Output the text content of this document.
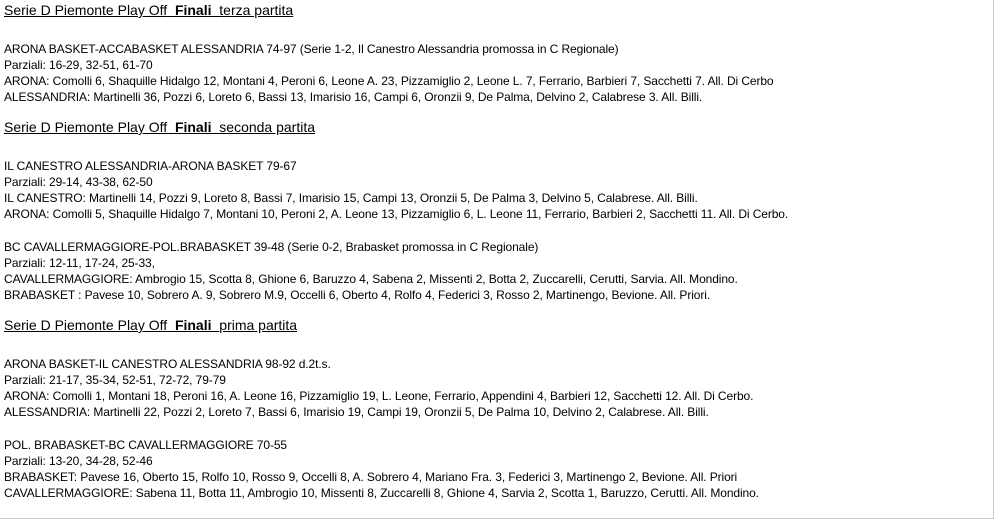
Serie D Piemonte Play Off Finali terza partita
ARONA BASKET-ACCABASKET ALESSANDRIA 74-97 (Serie 1-2, Il Canestro Alessandria promossa in C Regionale)
Parziali: 16-29, 32-51, 61-70
ARONA: Comolli 6, Shaquille Hidalgo 12, Montani 4, Peroni 6, Leone A. 23, Pizzamiglio 2, Leone L. 7, Ferrario, Barbieri 7, Sacchetti 7. All. Di Cerbo
ALESSANDRIA: Martinelli 36, Pozzi 6, Loreto 6, Bassi 13, Imarisio 16, Campi 6, Oronzii 9, De Palma, Delvino 2, Calabrese 3. All. Billi.
Serie D Piemonte Play Off Finali seconda partita
IL CANESTRO ALESSANDRIA-ARONA BASKET 79-67
Parziali: 29-14, 43-38, 62-50
IL CANESTRO: Martinelli 14, Pozzi 9, Loreto 8, Bassi 7, Imarisio 15, Campi 13, Oronzii 5, De Palma 3, Delvino 5, Calabrese. All. Billi.
ARONA: Comolli 5, Shaquille Hidalgo 7, Montani 10, Peroni 2, A. Leone 13, Pizzamiglio 6, L. Leone 11, Ferrario, Barbieri 2, Sacchetti 11. All. Di Cerbo.
BC CAVALLERMAGGIORE-POL.BRABASKET 39-48 (Serie 0-2, Brabasket promossa in C Regionale)
Parziali: 12-11, 17-24, 25-33,
CAVALLERMAGGIORE: Ambrogio 15, Scotta 8, Ghione 6, Baruzzo 4, Sabena 2, Missenti 2, Botta 2, Zuccarelli, Cerutti, Sarvia. All. Mondino.
BRABASKET : Pavese 10, Sobrero A. 9, Sobrero M.9, Occelli 6, Oberto 4, Rolfo 4, Federici 3, Rosso 2, Martinengo, Bevione. All. Priori.
Serie D Piemonte Play Off Finali prima partita
ARONA BASKET-IL CANESTRO ALESSANDRIA 98-92 d.2t.s.
Parziali: 21-17, 35-34, 52-51, 72-72, 79-79
ARONA: Comolli 1, Montani 18, Peroni 16, A. Leone 16, Pizzamiglio 19, L. Leone, Ferrario, Appendini 4, Barbieri 12, Sacchetti 12. All. Di Cerbo.
ALESSANDRIA: Martinelli 22, Pozzi 2, Loreto 7, Bassi 6, Imarisio 19, Campi 19, Oronzii 5, De Palma 10, Delvino 2, Calabrese. All. Billi.
POL. BRABASKET-BC CAVALLERMAGGIORE 70-55
Parziali: 13-20, 34-28, 52-46
BRABASKET: Pavese 16, Oberto 15, Rolfo 10, Rosso 9, Occelli 8, A. Sobrero 4, Mariano Fra. 3, Federici 3, Martinengo 2, Bevione. All. Priori
CAVALLERMAGGIORE: Sabena 11, Botta 11, Ambrogio 10, Missenti 8, Zuccarelli 8, Ghione 4, Sarvia 2, Scotta 1, Baruzzo, Cerutti. All. Mondino.
